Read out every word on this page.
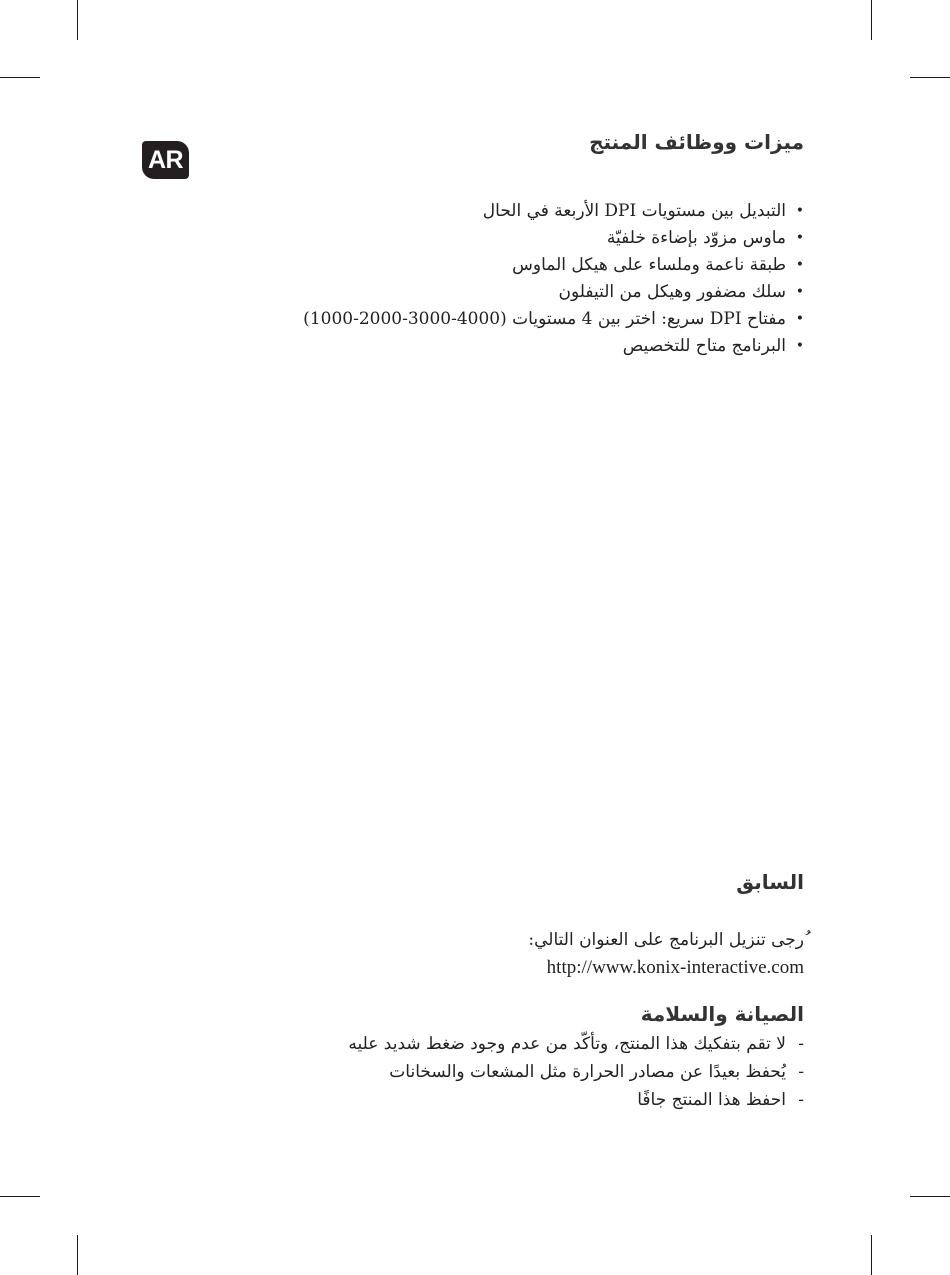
AR
ميزات ووظائف المنتج
•
التبديل بين مستويات DPI الأربعة في الحال
•
ماوس مزوّد بإضاءة خلفيّة
•
طبقة ناعمة وملساء على هيكل الماوس
•
سلك مضفور وهيكل من التيفلون
•
مفتاح DPI سريع: اختر بين 4 مستويات (4000-3000-2000-1000)
•
البرنامج متاح للتخصيص
السابق

ُرجى تنزيل البرنامج على العنوان التالي:

http://www.konix-interactive.com
الصيانة والسلامة
-
لا تقم بتفكيك هذا المنتج، وتأكّد من عدم وجود ضغط شديد عليه
-
يُحفظ بعيدًا عن مصادر الحرارة مثل المشعات والسخانات
-
احفظ هذا المنتج جافًا
